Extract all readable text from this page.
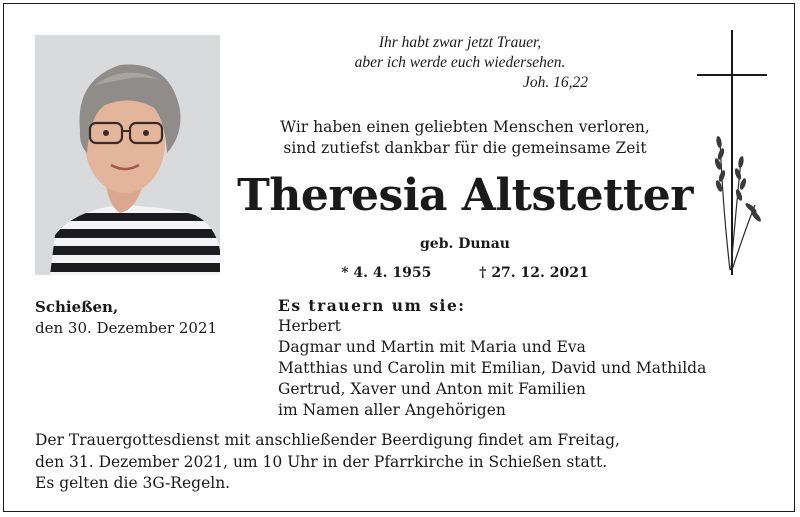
Ihr habt zwar jetzt Trauer,
aber ich werde euch wiedersehen.
Joh. 16,22
Wir haben einen geliebten Menschen verloren,
sind zutiefst dankbar für die gemeinsame Zeit
Theresia Altstetter
geb. Dunau
* 4. 4. 1955	† 27. 12. 2021
Schießen,
den 30. Dezember 2021
Es trauern um sie:
Herbert
Dagmar und Martin mit Maria und Eva
Matthias und Carolin mit Emilian, David und Mathilda
Gertrud, Xaver und Anton mit Familien
im Namen aller Angehörigen
Der Trauergottesdienst mit anschließender Beerdigung findet am Freitag,
den 31. Dezember 2021, um 10 Uhr in der Pfarrkirche in Schießen statt.
Es gelten die 3G-Regeln.
